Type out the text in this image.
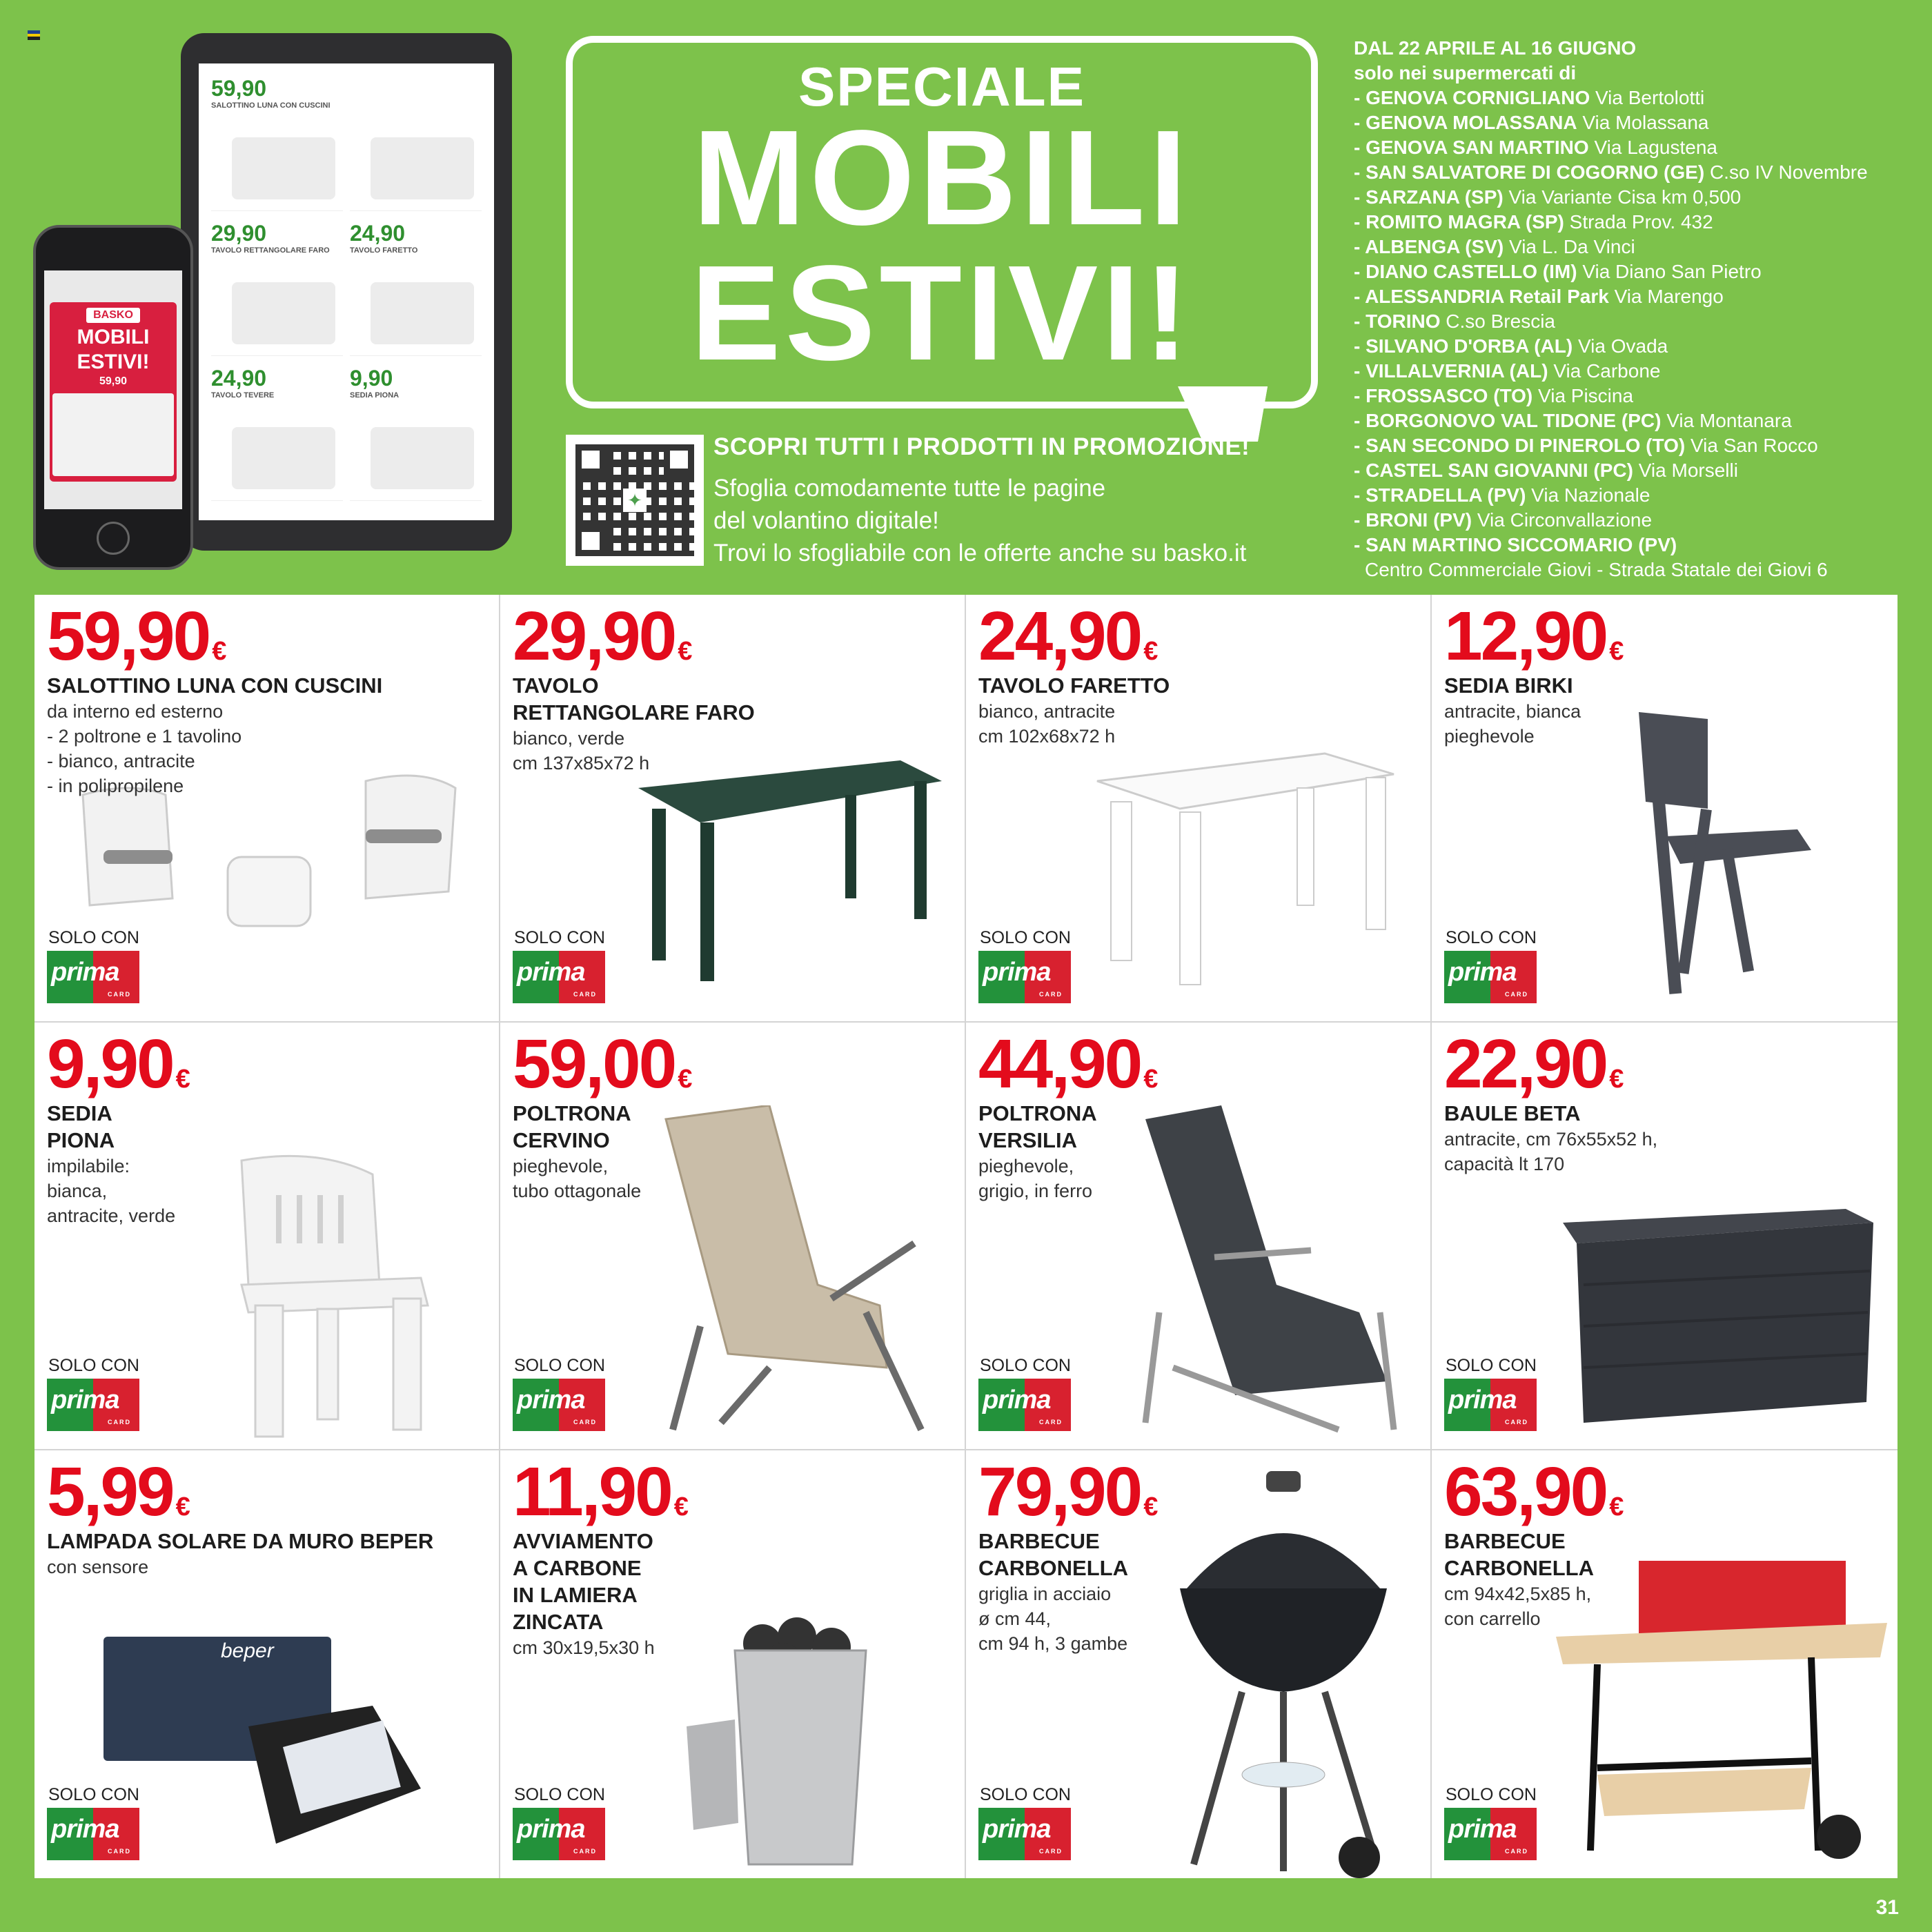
59,90
SALOTTINO LUNA CON CUSCINI
29,90
TAVOLO RETTANGOLARE FARO
24,90
TAVOLO FARETTO
24,90
TAVOLO TEVERE
9,90
SEDIA PIONA
BASKO
MOBILI
ESTIVI!
59,90
SPECIALE
MOBILI
ESTIVI!
✦
SCOPRI TUTTI I PRODOTTI IN PROMOZIONE!

Sfoglia comodamente tutte le pagine

del volantino digitale!

Trovi lo sfogliabile con le offerte anche su basko.it

DAL 22 APRILE AL 16 GIUGNO
solo nei supermercati di
- GENOVA CORNIGLIANO Via Bertolotti
- GENOVA MOLASSANA Via Molassana
- GENOVA SAN MARTINO Via Lagustena
- SAN SALVATORE DI COGORNO (GE) C.so IV Novembre
- SARZANA (SP) Via Variante Cisa km 0,500
- ROMITO MAGRA (SP) Strada Prov. 432
- ALBENGA (SV) Via L. Da Vinci
- DIANO CASTELLO (IM) Via Diano San Pietro
- ALESSANDRIA Retail Park Via Marengo
- TORINO C.so Brescia
- SILVANO D'ORBA (AL) Via Ovada
- VILLALVERNIA (AL) Via Carbone
- FROSSASCO (TO) Via Piscina
- BORGONOVO VAL TIDONE (PC) Via Montanara
- SAN SECONDO DI PINEROLO (TO) Via San Rocco
- CASTEL SAN GIOVANNI (PC) Via Morselli
- STRADELLA (PV) Via Nazionale
- BRONI (PV) Via Circonvallazione
- SAN MARTINO SICCOMARIO (PV)
Centro Commerciale Giovi - Strada Statale dei Giovi 6
59,90 €
SALOTTINO LUNA CON CUSCINI
da interno ed esterno
- 2 poltrone e 1 tavolino
- bianco, antracite
- in polipropilene
SOLO CON
prima
CARD
29,90 €
TAVOLO
RETTANGOLARE FARO
bianco, verde
cm 137x85x72 h
SOLO CON
prima
CARD
24,90 €
TAVOLO FARETTO
bianco, antracite
cm 102x68x72 h
SOLO CON
prima
CARD
12,90 €
SEDIA BIRKI
antracite, bianca
pieghevole
SOLO CON
prima
CARD
9,90 €
SEDIA
PIONA
impilabile:
bianca,
antracite, verde
SOLO CON
prima
CARD
59,00 €
POLTRONA
CERVINO
pieghevole,
tubo ottagonale
SOLO CON
prima
CARD
44,90 €
POLTRONA
VERSILIA
pieghevole,
grigio, in ferro
SOLO CON
prima
CARD
22,90 €
BAULE BETA
antracite, cm 76x55x52 h,
capacità lt 170
SOLO CON
prima
CARD
beper
5,99 €
LAMPADA SOLARE DA MURO BEPER
con sensore
SOLO CON
prima
CARD
11,90 €
AVVIAMENTO
A CARBONE
IN LAMIERA
ZINCATA
cm 30x19,5x30 h
SOLO CON
prima
CARD
79,90 €
BARBECUE
CARBONELLA
griglia in acciaio
ø cm 44,
cm 94 h, 3 gambe
SOLO CON
prima
CARD
63,90 €
BARBECUE
CARBONELLA
cm 94x42,5x85 h,
con carrello
SOLO CON
prima
CARD
31
